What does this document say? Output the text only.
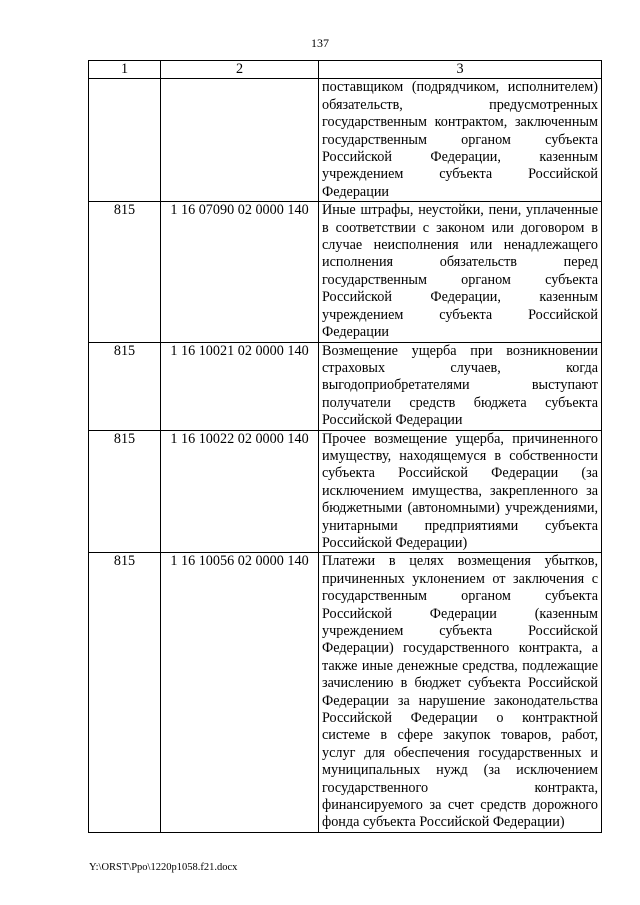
137
1	2	3
		поставщиком (подрядчиком, исполнителем) обязательств, предусмотренных государственным контрактом, заключенным государственным органом субъекта Российской Федерации, казенным учреждением субъекта Российской Федерации
815	1 16 07090 02 0000 140	Иные штрафы, неустойки, пени, уплаченные в соответствии с законом или договором в случае неисполнения или ненадлежащего исполнения обязательств перед государственным органом субъекта Российской Федерации, казенным учреждением субъекта Российской Федерации
815	1 16 10021 02 0000 140	Возмещение ущерба при возникновении страховых случаев, когда выгодоприобретателями выступают получатели средств бюджета субъекта Российской Федерации
815	1 16 10022 02 0000 140	Прочее возмещение ущерба, причиненного имуществу, находящемуся в собственности субъекта Российской Федерации (за исключением имущества, закрепленного за бюджетными (автономными) учреждениями, унитарными предприятиями субъекта Российской Федерации)
815	1 16 10056 02 0000 140	Платежи в целях возмещения убытков, причиненных уклонением от заключения с государственным органом субъекта Российской Федерации (казенным учреждением субъекта Российской Федерации) государственного контракта, а также иные денежные средства, подлежащие зачислению в бюджет субъекта Российской Федерации за нарушение законодательства Российской Федерации о контрактной системе в сфере закупок товаров, работ, услуг для обеспечения государственных и муниципальных нужд (за исключением государственного контракта, финансируемого за счет средств дорожного фонда субъекта Российской Федерации)
Y:\ORST\Ppo\1220p1058.f21.docx
